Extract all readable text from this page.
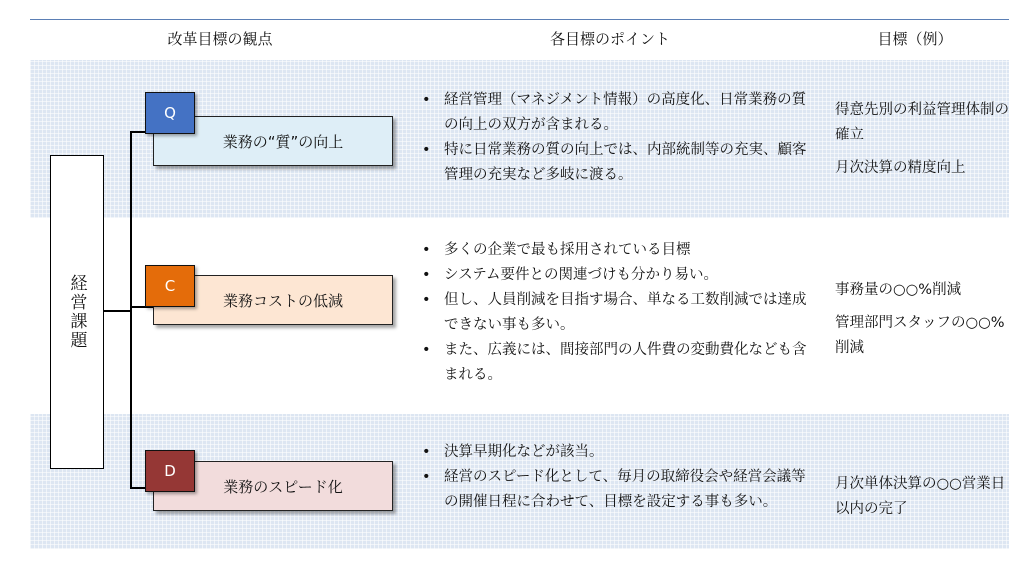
改革目標の観点	各目標のポイント	目標（例）
経営課題
業務の“質”の向上
Q
業務コストの低減
C
業務のスピード化
D
• 経営管理（マネジメント情報）の高度化、日常業務の質の向上の双方が含まれる。
• 特に日常業務の質の向上では、内部統制等の充実、顧客管理の充実など多岐に渡る。
• 多くの企業で最も採用されている目標
• システム要件との関連づけも分かり易い。
• 但し、人員削減を目指す場合、単なる工数削減では達成できない事も多い。
• また、広義には、間接部門の人件費の変動費化なども含まれる。
• 決算早期化などが該当。
• 経営のスピード化として、毎月の取締役会や経営会議等の開催日程に合わせて、目標を設定する事も多い。
得意先別の利益管理体制の確立
月次決算の精度向上
事務量の○○%削減
管理部門スタッフの○○%削減
月次単体決算の○○営業日以内の完了
